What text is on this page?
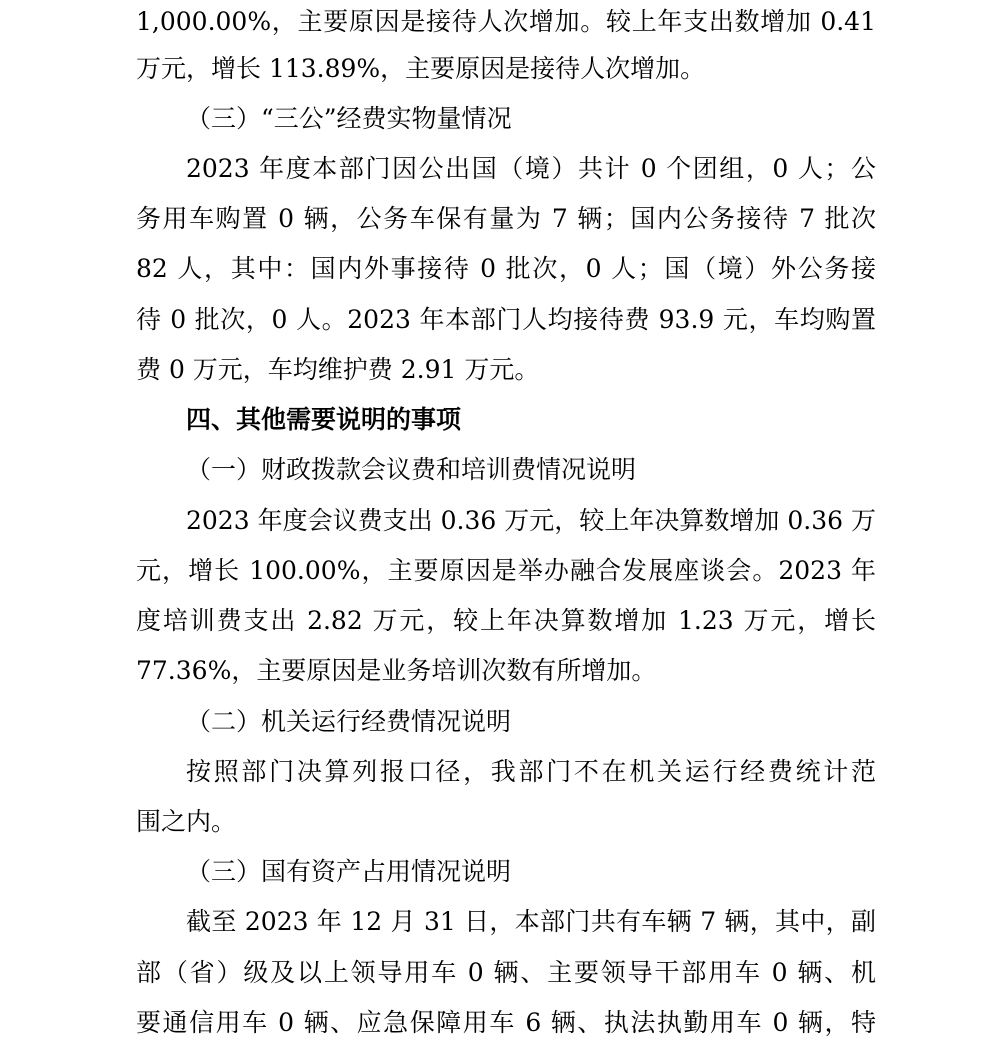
1,000.00%，主要原因是接待人次增加。较上年支出数增加 0.41
万元，增长 113.89%，主要原因是接待人次增加。
（三）“三公”经费实物量情况
2023 年度本部门因公出国（境）共计 0 个团组，0 人；公
务用车购置 0 辆，公务车保有量为 7 辆；国内公务接待 7 批次
82 人，其中：国内外事接待 0 批次，0 人；国（境）外公务接
待 0 批次，0 人。2023 年本部门人均接待费 93.9 元，车均购置
费 0 万元，车均维护费 2.91 万元。
四、其他需要说明的事项
（一）财政拨款会议费和培训费情况说明
2023 年度会议费支出 0.36 万元，较上年决算数增加 0.36 万
元，增长 100.00%，主要原因是举办融合发展座谈会。2023 年
度培训费支出 2.82 万元，较上年决算数增加 1.23 万元，增长
77.36%，主要原因是业务培训次数有所增加。
（二）机关运行经费情况说明
按照部门决算列报口径，我部门不在机关运行经费统计范
围之内。
（三）国有资产占用情况说明
截至 2023 年 12 月 31 日，本部门共有车辆 7 辆，其中，副
部（省）级及以上领导用车 0 辆、主要领导干部用车 0 辆、机
要通信用车 0 辆、应急保障用车 6 辆、执法执勤用车 0 辆，特
